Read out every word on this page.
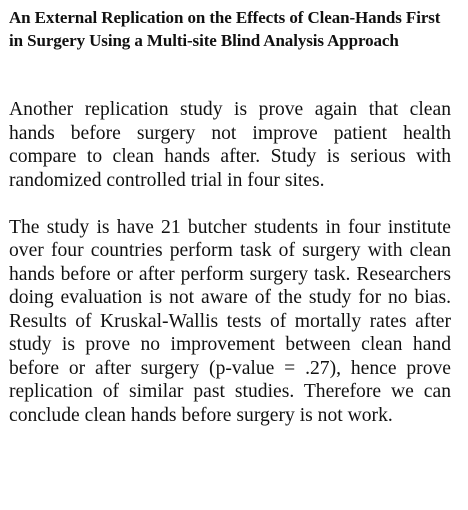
An External Replication on the Effects of Clean-Hands First in Surgery Using a Multi-site Blind Analysis Approach

Another replication study is prove again that clean hands before surgery not improve patient health compare to clean hands after. Study is serious with randomized controlled trial in four sites.

The study is have 21 butcher students in four institute over four countries perform task of surgery with clean hands before or after perform surgery task. Researchers doing evaluation is not aware of the study for no bias. Results of Kruskal-Wallis tests of mortally rates after study is prove no improvement between clean hand before or after surgery (p-value = .27), hence prove replication of similar past studies. Therefore we can conclude clean hands before surgery is not work.
